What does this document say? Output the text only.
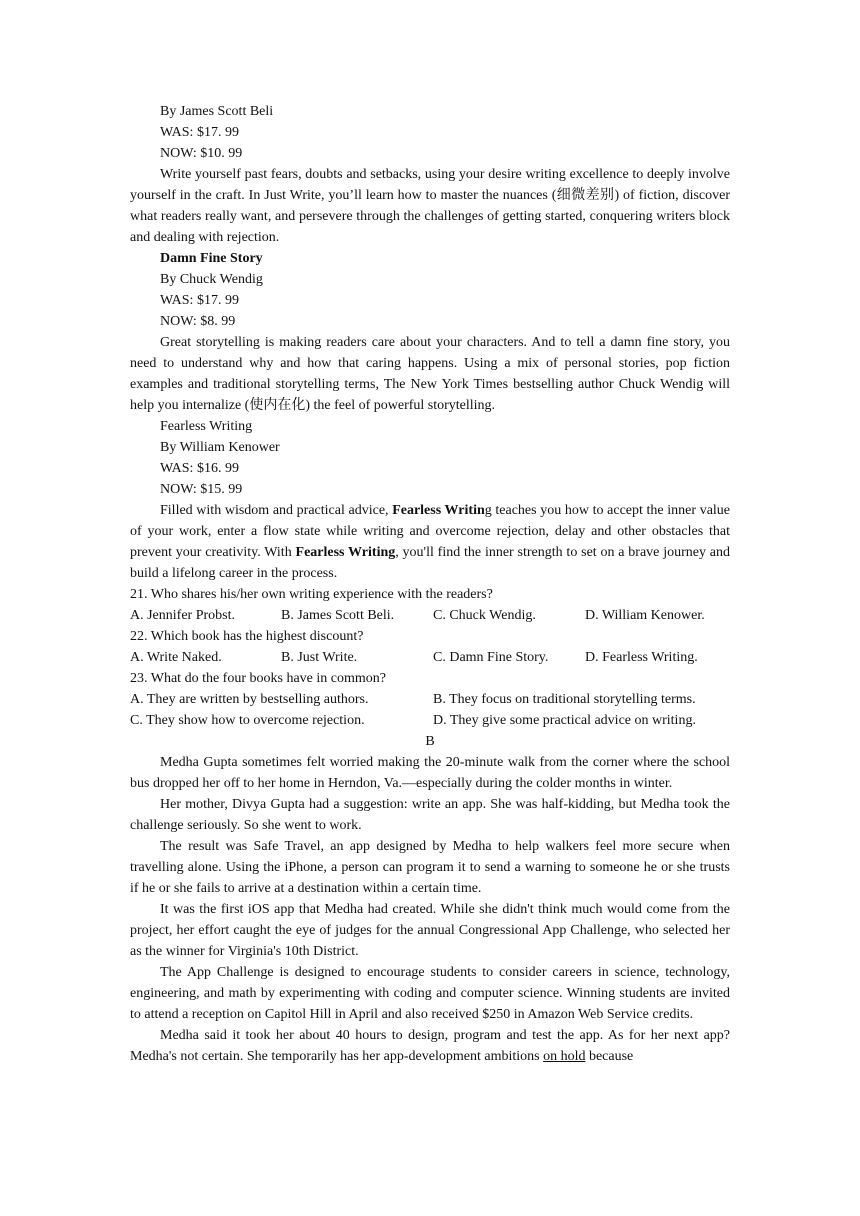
By James Scott Beli
WAS: $17. 99
NOW: $10. 99

Write yourself past fears, doubts and setbacks, using your desire writing excellence to deeply involve yourself in the craft. In Just Write, you’ll learn how to master the nuances (细微差别) of fiction, discover what readers really want, and persevere through the challenges of getting started, conquering writers block and dealing with rejection.

Damn Fine Story
By Chuck Wendig
WAS: $17. 99
NOW: $8. 99

Great storytelling is making readers care about your characters. And to tell a damn fine story, you need to understand why and how that caring happens. Using a mix of personal stories, pop fiction examples and traditional storytelling terms, The New York Times bestselling author Chuck Wendig will help you internalize (使内在化) the feel of powerful storytelling.

Fearless Writing
By William Kenower
WAS: $16. 99
NOW: $15. 99

Filled with wisdom and practical advice, Fearless Writing teaches you how to accept the inner value of your work, enter a flow state while writing and overcome rejection, delay and other obstacles that prevent your creativity. With Fearless Writing, you'll find the inner strength to set on a brave journey and build a lifelong career in the process.

21. Who shares his/her own writing experience with the readers?
A. Jennifer Probst.	B. James Scott Beli.	C. Chuck Wendig.	D. William Kenower.
22. Which book has the highest discount?
A. Write Naked.	B. Just Write.	C. Damn Fine Story.	D. Fearless Writing.
23. What do the four books have in common?
A. They are written by bestselling authors.	B. They focus on traditional storytelling terms.
C. They show how to overcome rejection.	D. They give some practical advice on writing.
B

Medha Gupta sometimes felt worried making the 20-minute walk from the corner where the school bus dropped her off to her home in Herndon, Va.—especially during the colder months in winter.

Her mother, Divya Gupta had a suggestion: write an app. She was half-kidding, but Medha took the challenge seriously. So she went to work.

The result was Safe Travel, an app designed by Medha to help walkers feel more secure when travelling alone. Using the iPhone, a person can program it to send a warning to someone he or she trusts if he or she fails to arrive at a destination within a certain time.

It was the first iOS app that Medha had created. While she didn't think much would come from the project, her effort caught the eye of judges for the annual Congressional App Challenge, who selected her as the winner for Virginia's 10th District.

The App Challenge is designed to encourage students to consider careers in science, technology, engineering, and math by experimenting with coding and computer science. Winning students are invited to attend a reception on Capitol Hill in April and also received $250 in Amazon Web Service credits.

Medha said it took her about 40 hours to design, program and test the app. As for her next app? Medha's not certain. She temporarily has her app-development ambitions on hold because
